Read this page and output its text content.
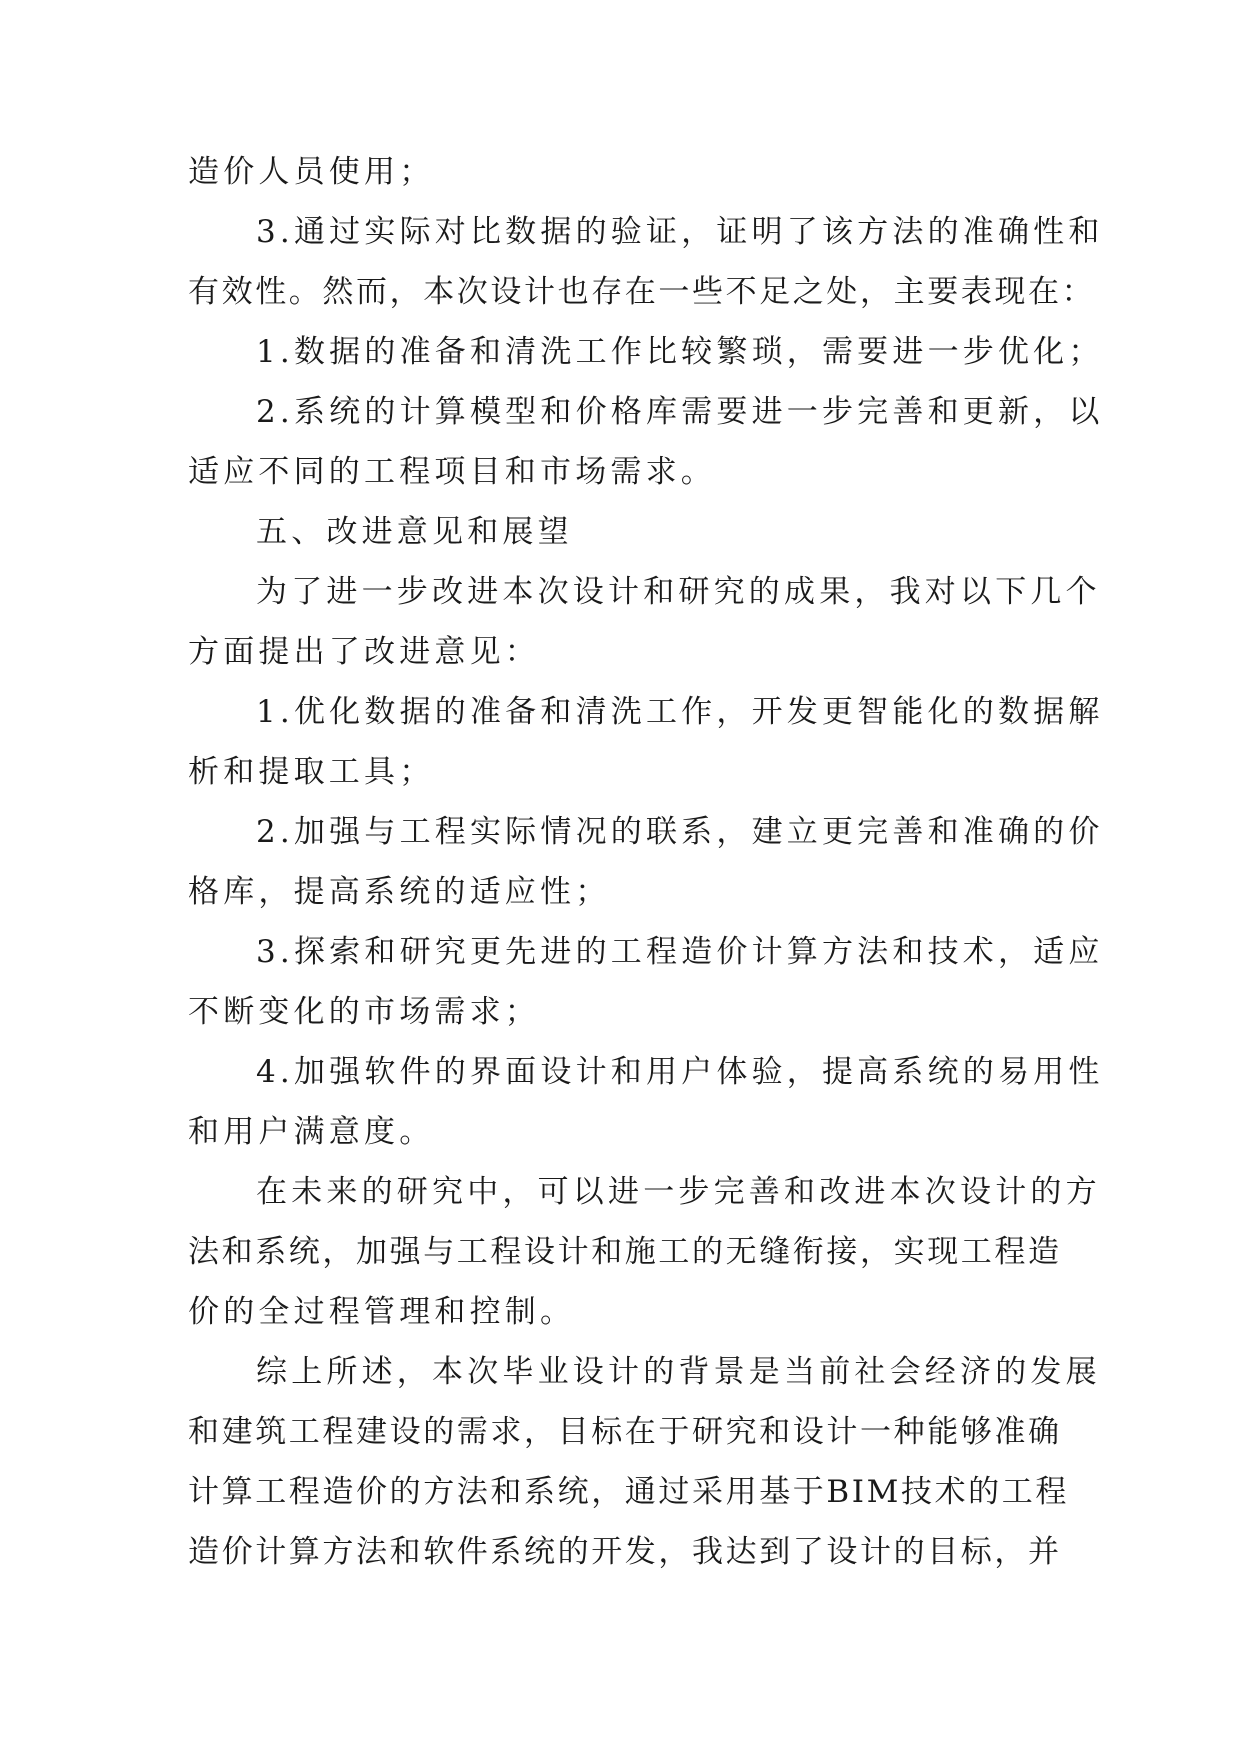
造价人员使用；
3.通过实际对比数据的验证，证明了该方法的准确性和
有效性。然而，本次设计也存在一些不足之处，主要表现在：
1.数据的准备和清洗工作比较繁琐，需要进一步优化；
2.系统的计算模型和价格库需要进一步完善和更新，以
适应不同的工程项目和市场需求。
五、改进意见和展望
为了进一步改进本次设计和研究的成果，我对以下几个
方面提出了改进意见：
1.优化数据的准备和清洗工作，开发更智能化的数据解
析和提取工具；
2.加强与工程实际情况的联系，建立更完善和准确的价
格库，提高系统的适应性；
3.探索和研究更先进的工程造价计算方法和技术，适应
不断变化的市场需求；
4.加强软件的界面设计和用户体验，提高系统的易用性
和用户满意度。
在未来的研究中，可以进一步完善和改进本次设计的方
法和系统，加强与工程设计和施工的无缝衔接，实现工程造
价的全过程管理和控制。
综上所述，本次毕业设计的背景是当前社会经济的发展
和建筑工程建设的需求，目标在于研究和设计一种能够准确
计算工程造价的方法和系统，通过采用基于BIM技术的工程
造价计算方法和软件系统的开发，我达到了设计的目标，并
